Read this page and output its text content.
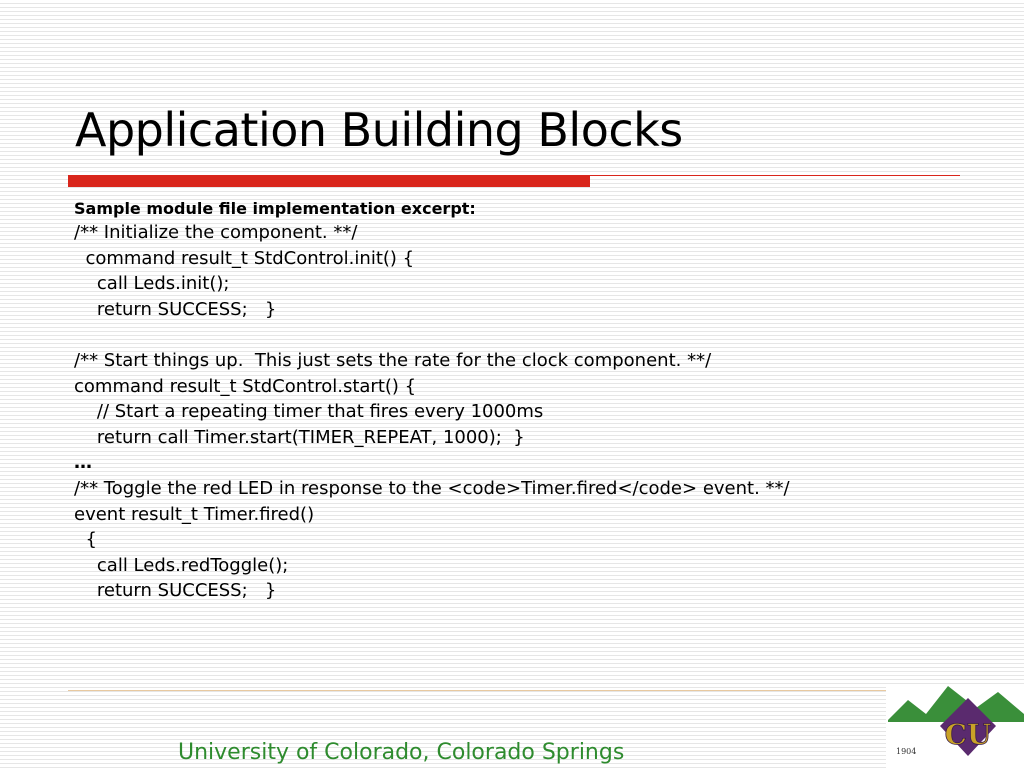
Application Building Blocks
Sample module file implementation excerpt:
/** Initialize the component. **/
command result_t StdControl.init() {
call Leds.init();
return SUCCESS;   }
/** Start things up.  This just sets the rate for the clock component. **/
command result_t StdControl.start() {
// Start a repeating timer that fires every 1000ms
return call Timer.start(TIMER_REPEAT, 1000);  }
…
/** Toggle the red LED in response to the <code>Timer.fired</code> event. **/
event result_t Timer.fired()
{
call Leds.redToggle();
return SUCCESS;   }
University of Colorado, Colorado Springs
CU
1904
